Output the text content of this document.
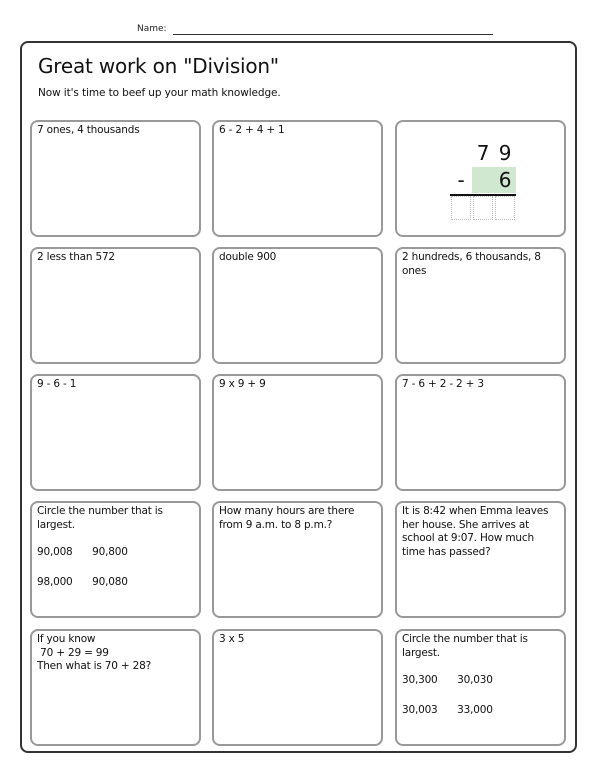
Name:
Great work on "Division"
Now it's time to beef up your math knowledge.
7 ones, 4 thousands	6 - 2 + 4 + 1
7 9
-	6
2 less than 572	double 900	2 hundreds, 6 thousands, 8 ones
9 - 6 - 1	9 x 9 + 9	7 - 6 + 2 - 2 + 3
Circle the number that is largest.
90,008 90,800
98,000 90,080
How many hours are there from 9 a.m. to 8 p.m.?
It is 8:42 when Emma leaves her house. She arrives at school at 9:07. How much time has passed?
If you know
70 + 29 = 99
Then what is 70 + 28?
3 x 5	Circle the number that is largest.
30,300 30,030
30,003 33,000
